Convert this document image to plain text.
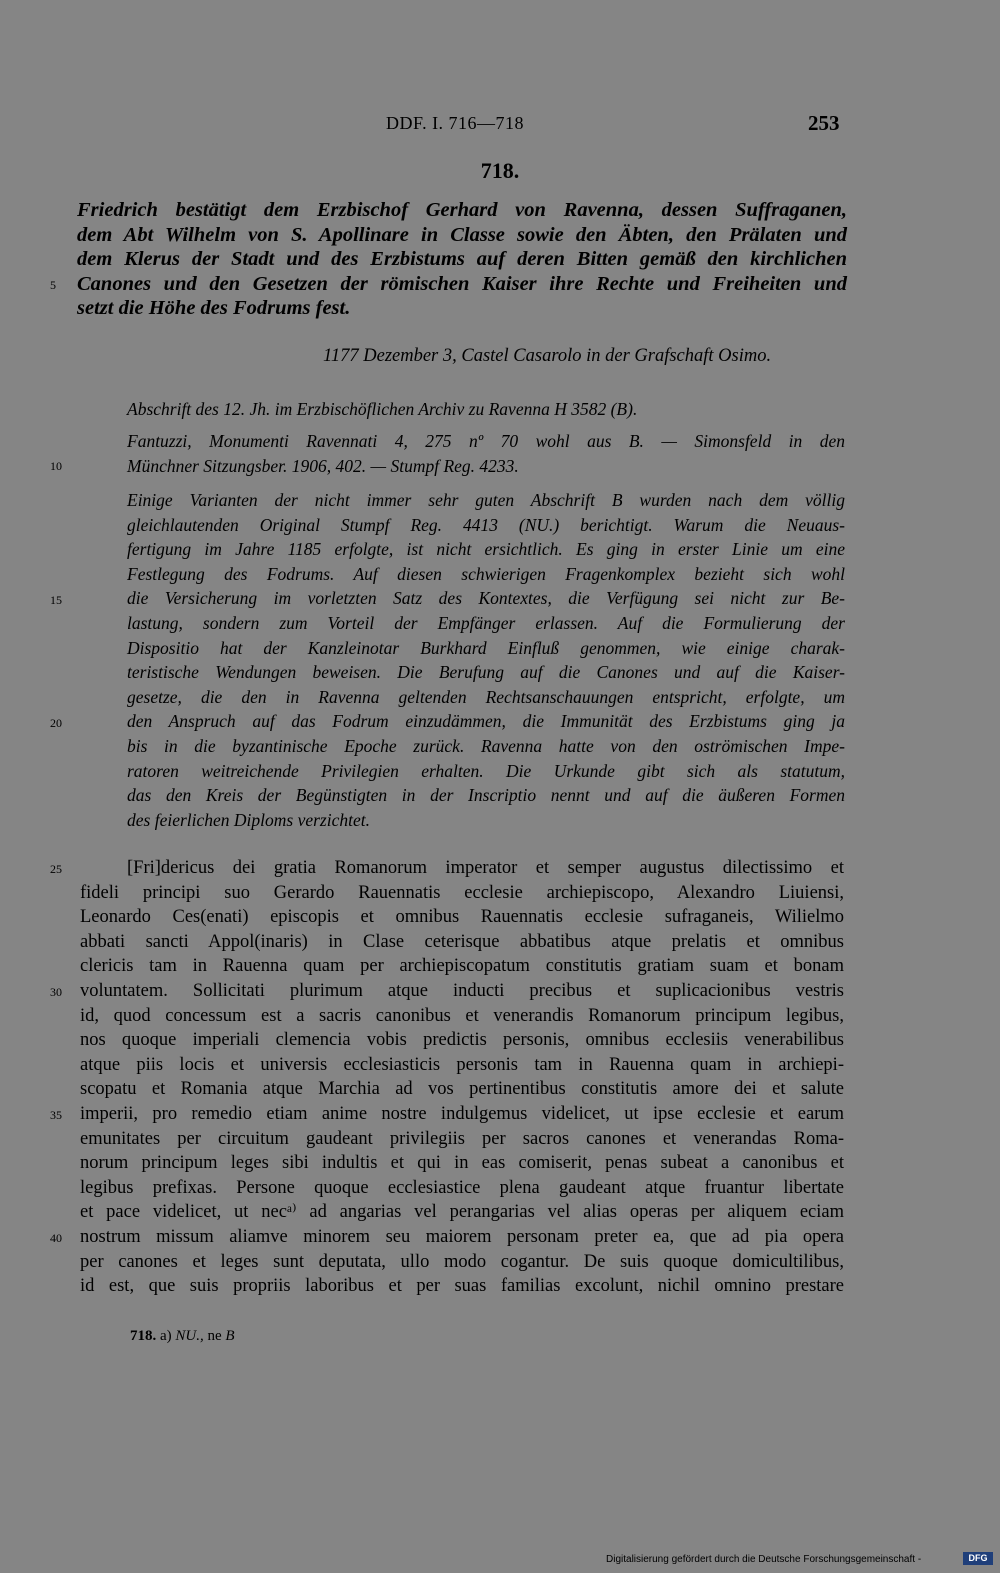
DDF. I. 716—718	253
718.
Friedrich bestätigt dem Erzbischof Gerhard von Ravenna, dessen Suffraganen,
dem Abt Wilhelm von S. Apollinare in Classe sowie den Äbten, den Prälaten und
dem Klerus der Stadt und des Erzbistums auf deren Bitten gemäß den kirchlichen
Canones und den Gesetzen der römischen Kaiser ihre Rechte und Freiheiten und
setzt die Höhe des Fodrums fest.
5
1177 Dezember 3, Castel Casarolo in der Grafschaft Osimo.
Abschrift des 12. Jh. im Erzbischöflichen Archiv zu Ravenna H 3582 (B).
Fantuzzi, Monumenti Ravennati 4, 275 nº 70 wohl aus B. — Simonsfeld in den
Münchner Sitzungsber. 1906, 402. — Stumpf Reg. 4233.
10
Einige Varianten der nicht immer sehr guten Abschrift B wurden nach dem völlig
gleichlautenden Original Stumpf Reg. 4413 (NU.) berichtigt. Warum die Neuaus-
fertigung im Jahre 1185 erfolgte, ist nicht ersichtlich. Es ging in erster Linie um eine
Festlegung des Fodrums. Auf diesen schwierigen Fragenkomplex bezieht sich wohl
die Versicherung im vorletzten Satz des Kontextes, die Verfügung sei nicht zur Be-
lastung, sondern zum Vorteil der Empfänger erlassen. Auf die Formulierung der
Dispositio hat der Kanzleinotar Burkhard Einfluß genommen, wie einige charak-
teristische Wendungen beweisen. Die Berufung auf die Canones und auf die Kaiser-
gesetze, die den in Ravenna geltenden Rechtsanschauungen entspricht, erfolgte, um
den Anspruch auf das Fodrum einzudämmen, die Immunität des Erzbistums ging ja
bis in die byzantinische Epoche zurück. Ravenna hatte von den oströmischen Impe-
ratoren weitreichende Privilegien erhalten. Die Urkunde gibt sich als statutum,
das den Kreis der Begünstigten in der Inscriptio nennt und auf die äußeren Formen
des feierlichen Diploms verzichtet.
15
20
[Fri]dericus dei gratia Romanorum imperator et semper augustus dilectissimo et
fideli principi suo Gerardo Rauennatis ecclesie archiepiscopo, Alexandro Liuiensi,
Leonardo Ces(enati) episcopis et omnibus Rauennatis ecclesie sufraganeis, Wilielmo
abbati sancti Appol(inaris) in Clase ceterisque abbatibus atque prelatis et omnibus
clericis tam in Rauenna quam per archiepiscopatum constitutis gratiam suam et bonam
voluntatem. Sollicitati plurimum atque inducti precibus et suplicacionibus vestris
id, quod concessum est a sacris canonibus et venerandis Romanorum principum legibus,
nos quoque imperiali clemencia vobis predictis personis, omnibus ecclesiis venerabilibus
atque piis locis et universis ecclesiasticis personis tam in Rauenna quam in archiepi-
scopatu et Romania atque Marchia ad vos pertinentibus constitutis amore dei et salute
imperii, pro remedio etiam anime nostre indulgemus videlicet, ut ipse ecclesie et earum
emunitates per circuitum gaudeant privilegiis per sacros canones et venerandas Roma-
norum principum leges sibi indultis et qui in eas comiserit, penas subeat a canonibus et
legibus prefixas. Persone quoque ecclesiastice plena gaudeant atque fruantur libertate
et pace videlicet, ut necᵃ⁾ ad angarias vel perangarias vel alias operas per aliquem eciam
nostrum missum aliamve minorem seu maiorem personam preter ea, que ad pia opera
per canones et leges sunt deputata, ullo modo cogantur. De suis quoque domicultilibus,
id est, que suis propriis laboribus et per suas familias excolunt, nichil omnino prestare
25
30
35
40
718. a) NU., ne B
Digitalisierung gefördert durch die Deutsche Forschungsgemeinschaft -	DFG
